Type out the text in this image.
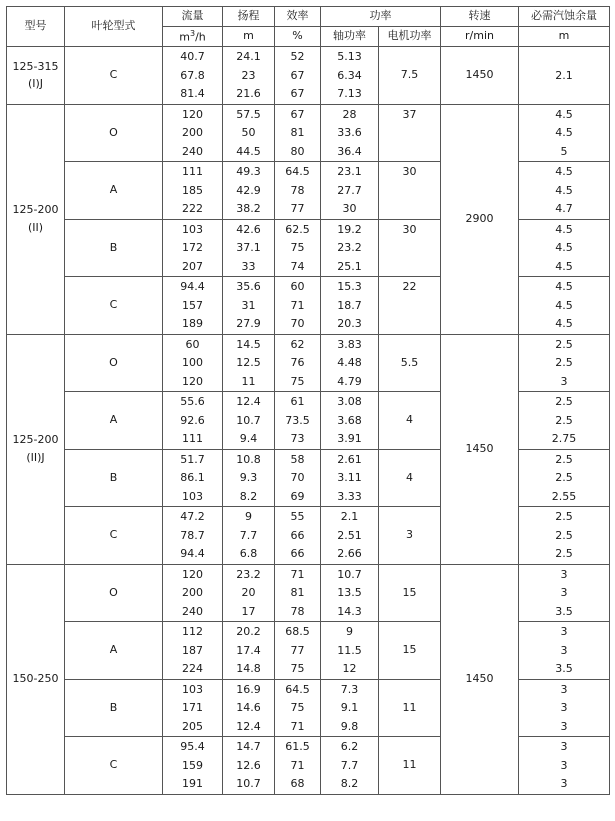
型号	叶轮型式	流量	扬程	效率	功率		转速	必需汽蚀余量
		$m^3/h$	m	%	轴功率	电机功率	r/min	m

125-315
(I)J	C	40.7	24.1	52	5.13	7.5	1450	
		67.8	23	67	6.34			2.1
		81.4	21.6	67	7.13			

125-200
(II)	O	120	57.5	67	28	37	2900	4.5
		200	50	81	33.6			4.5
		240	44.5	80	36.4			5
	A	111	49.3	64.5	23.1	30		4.5
		185	42.9	78	27.7			4.5
		222	38.2	77	30			4.7
	B	103	42.6	62.5	19.2	30		4.5
		172	37.1	75	23.2			4.5
		207	33	74	25.1			4.5
	C	94.4	35.6	60	15.3	22		4.5
		157	31	71	18.7			4.5
		189	27.9	70	20.3			4.5

125-200
(II)J	O	60	14.5	62	3.83	5.5	1450	2.5
		100	12.5	76	4.48			2.5
		120	11	75	4.79			3
	A	55.6	12.4	61	3.08	4		2.5
		92.6	10.7	73.5	3.68			2.5
		111	9.4	73	3.91			2.75
	B	51.7	10.8	58	2.61	4		2.5
		86.1	9.3	70	3.11			2.5
		103	8.2	69	3.33			2.55
	C	47.2	9	55	2.1	3		2.5
		78.7	7.7	66	2.51			2.5
		94.4	6.8	66	2.66			2.5

150-250	O	120	23.2	71	10.7	15	1450	3
		200	20	81	13.5			3
		240	17	78	14.3			3.5
	A	112	20.2	68.5	9	15		3
		187	17.4	77	11.5			3
		224	14.8	75	12			3.5
	B	103	16.9	64.5	7.3	11		3
		171	14.6	75	9.1			3
		205	12.4	71	9.8			3
	C	95.4	14.7	61.5	6.2	11		3
		159	12.6	71	7.7			3
		191	10.7	68	8.2			3
